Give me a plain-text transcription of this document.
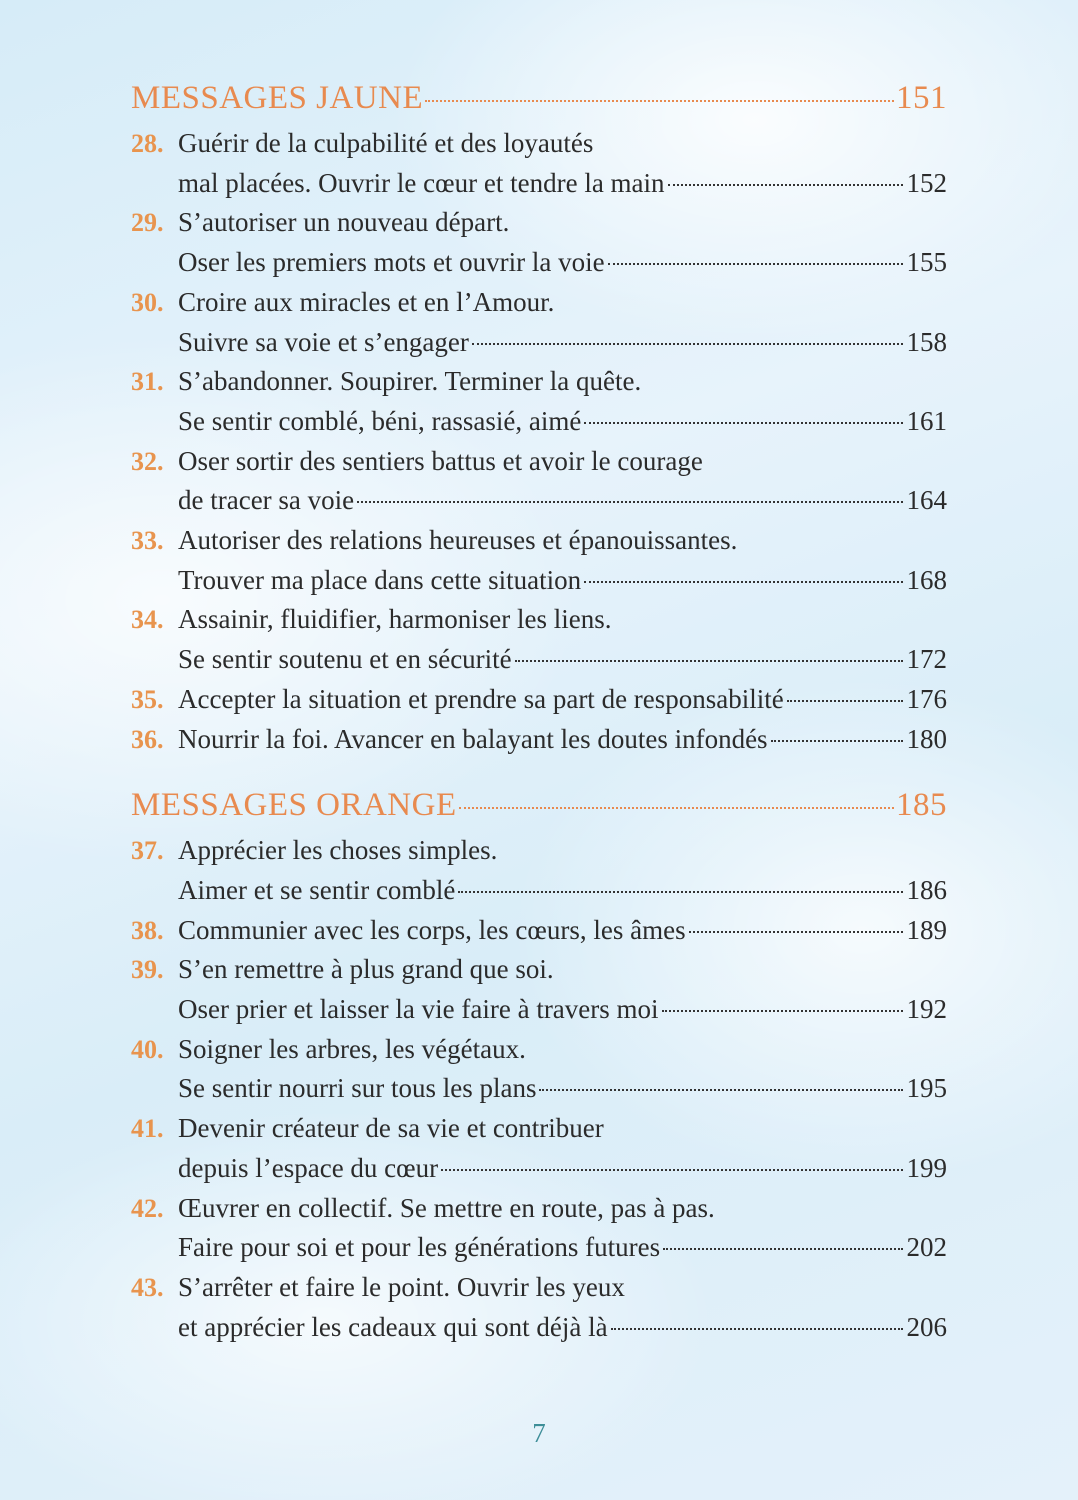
MESSAGES JAUNE	151
28. Guérir de la culpabilité et des loyautés
mal placées. Ouvrir le cœur et tendre la main	152
29. S’autoriser un nouveau départ.
Oser les premiers mots et ouvrir la voie	155
30. Croire aux miracles et en l’Amour.
Suivre sa voie et s’engager	158
31. S’abandonner. Soupirer. Terminer la quête.
Se sentir comblé, béni, rassasié, aimé	161
32. Oser sortir des sentiers battus et avoir le courage
de tracer sa voie	164
33. Autoriser des relations heureuses et épanouissantes.
Trouver ma place dans cette situation	168
34. Assainir, fluidifier, harmoniser les liens.
Se sentir soutenu et en sécurité	172
35. Accepter la situation et prendre sa part de responsabilité	176
36. Nourrir la foi. Avancer en balayant les doutes infondés	180
MESSAGES ORANGE	185
37. Apprécier les choses simples.
Aimer et se sentir comblé	186
38. Communier avec les corps, les cœurs, les âmes	189
39. S’en remettre à plus grand que soi.
Oser prier et laisser la vie faire à travers moi	192
40. Soigner les arbres, les végétaux.
Se sentir nourri sur tous les plans	195
41. Devenir créateur de sa vie et contribuer
depuis l’espace du cœur	199
42. Œuvrer en collectif. Se mettre en route, pas à pas.
Faire pour soi et pour les générations futures	202
43. S’arrêter et faire le point. Ouvrir les yeux
et apprécier les cadeaux qui sont déjà là	206
7
